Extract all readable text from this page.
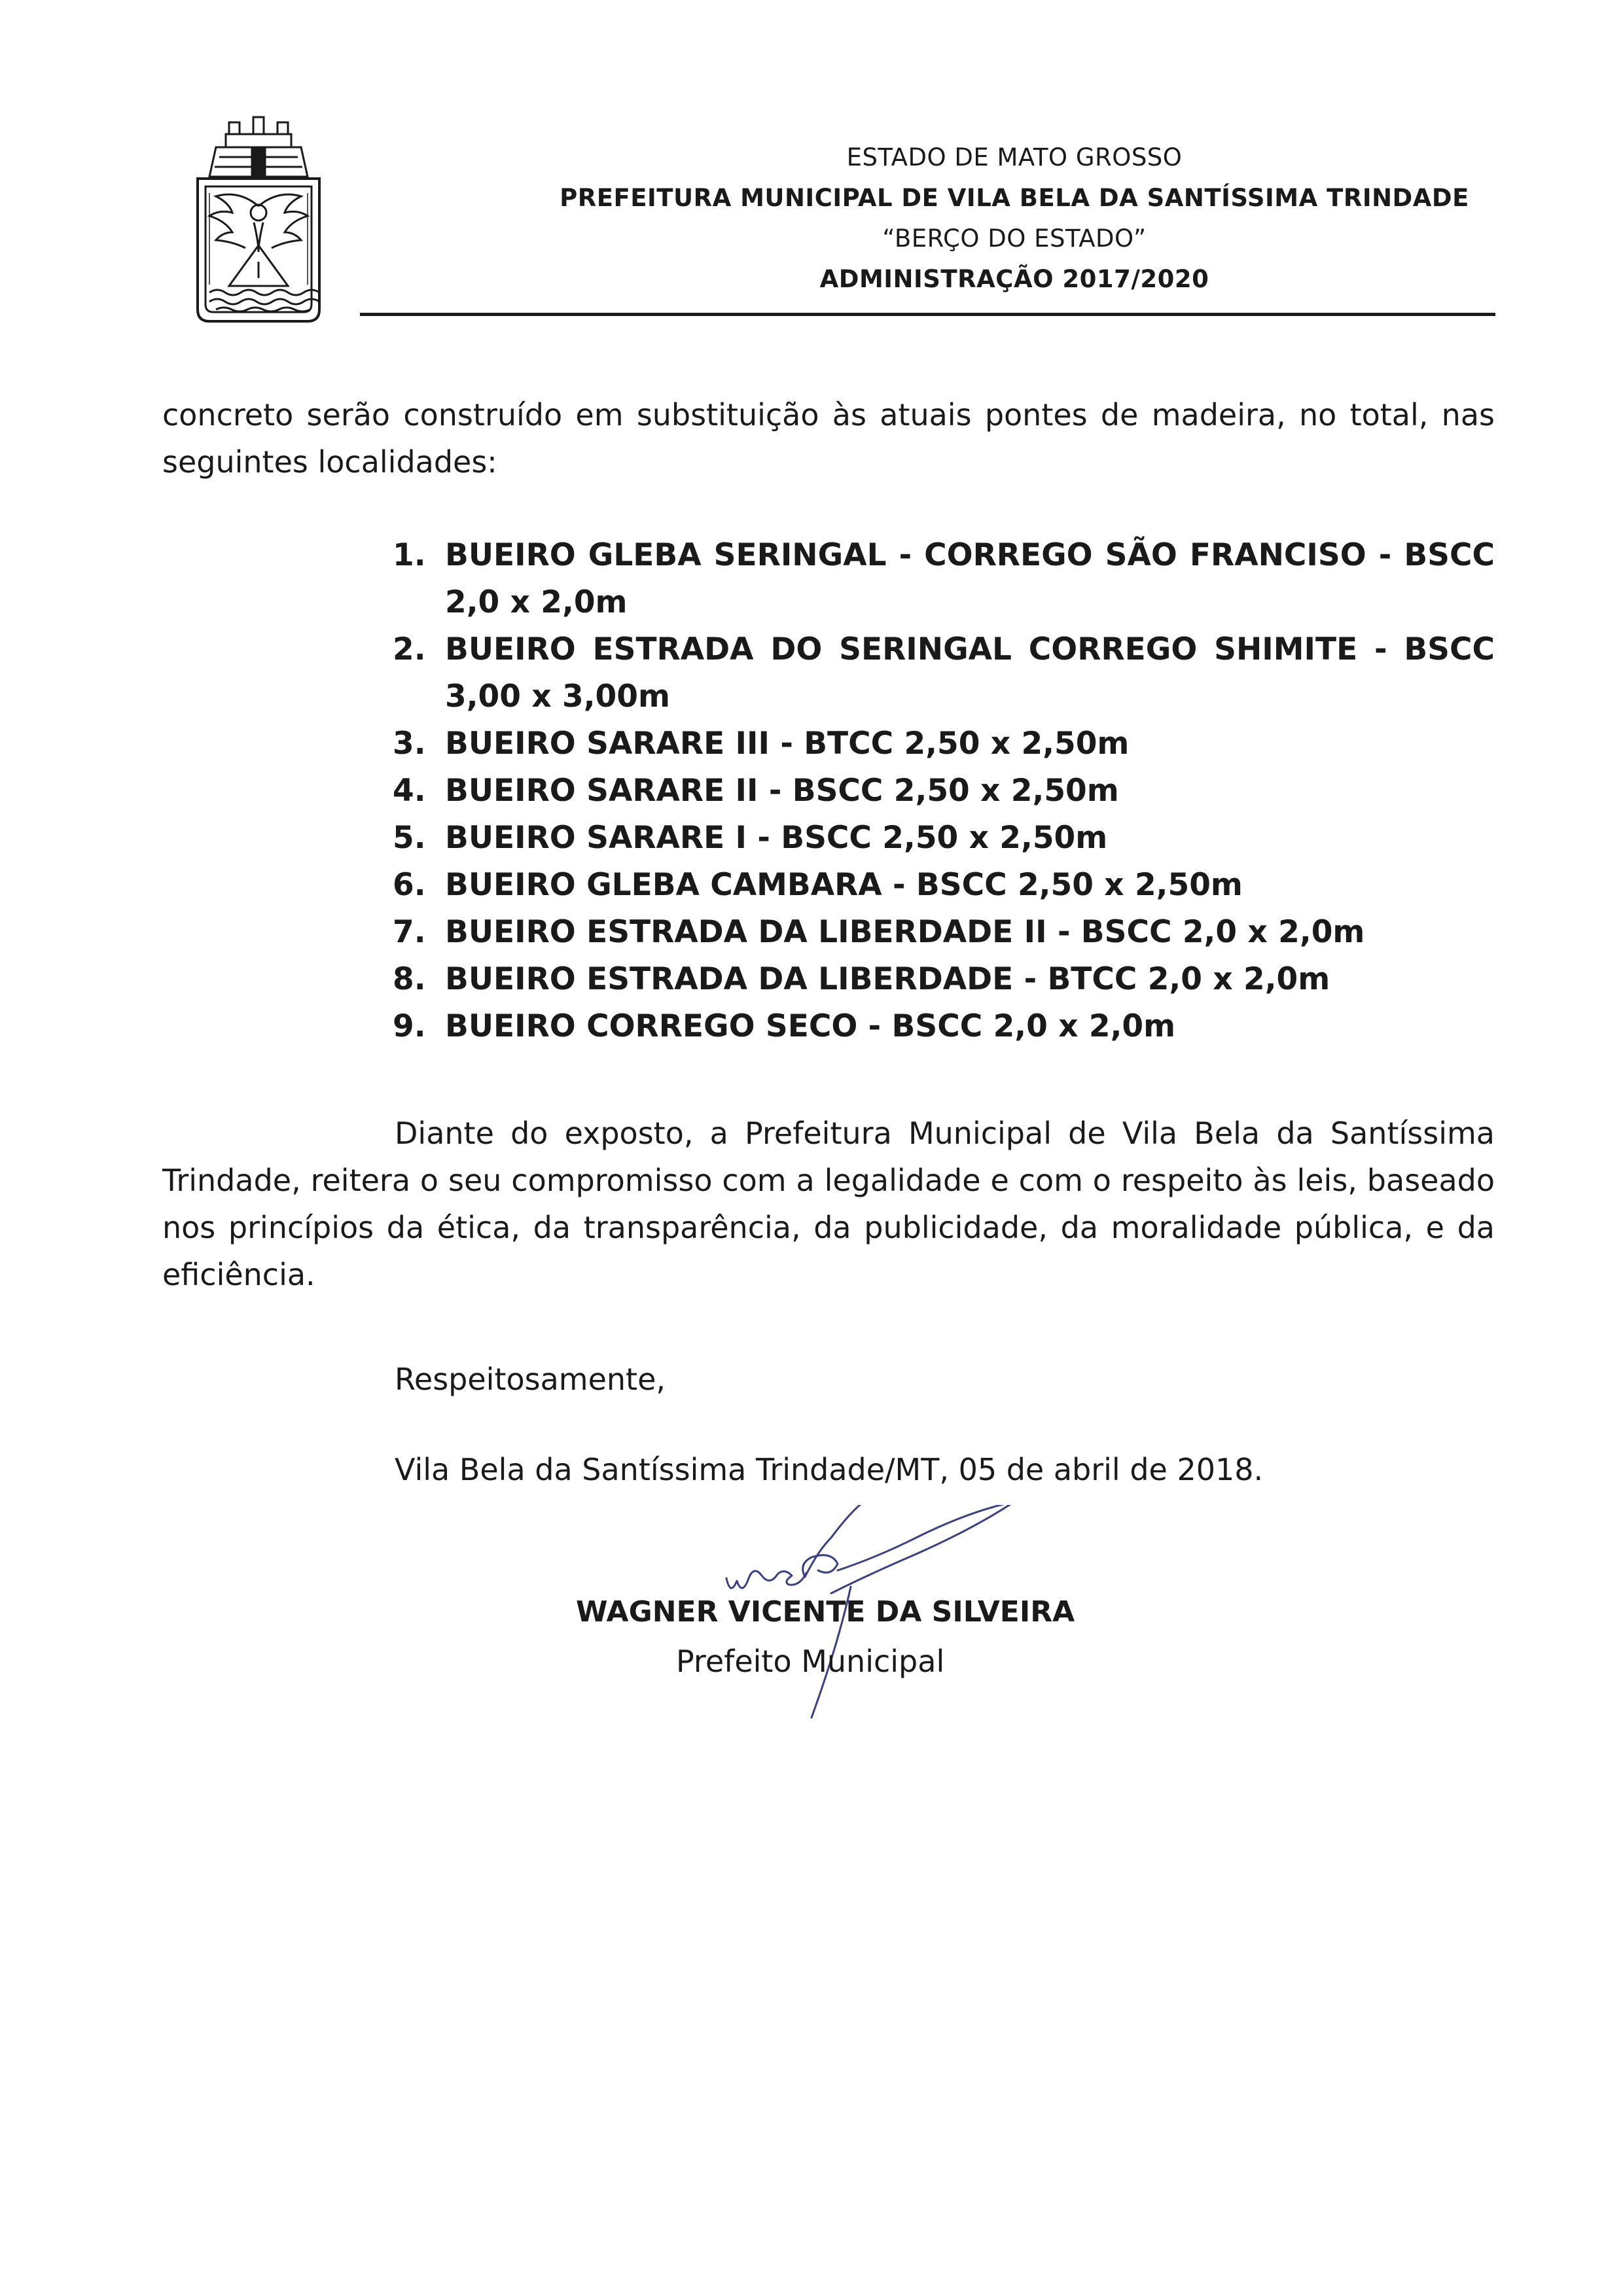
ESTADO DE MATO GROSSO
PREFEITURA MUNICIPAL DE VILA BELA DA SANTÍSSIMA TRINDADE
“BERÇO DO ESTADO”
ADMINISTRAÇÃO 2017/2020

concreto serão construído em substituição às atuais pontes de madeira, no total, nas seguintes localidades:

1. BUEIRO GLEBA SERINGAL - CORREGO SÃO FRANCISO - BSCC 2,0 x 2,0m
2. BUEIRO ESTRADA DO SERINGAL CORREGO SHIMITE - BSCC 3,00 x 3,00m
3. BUEIRO SARARE III - BTCC 2,50 x 2,50m
4. BUEIRO SARARE II - BSCC 2,50 x 2,50m
5. BUEIRO SARARE I - BSCC 2,50 x 2,50m
6. BUEIRO GLEBA CAMBARA - BSCC 2,50 x 2,50m
7. BUEIRO ESTRADA DA LIBERDADE II - BSCC 2,0 x 2,0m
8. BUEIRO ESTRADA DA LIBERDADE - BTCC 2,0 x 2,0m
9. BUEIRO CORREGO SECO - BSCC 2,0 x 2,0m

Diante do exposto, a Prefeitura Municipal de Vila Bela da Santíssima Trindade, reitera o seu compromisso com a legalidade e com o respeito às leis, baseado nos princípios da ética, da transparência, da publicidade, da moralidade pública, e da eficiência.

Respeitosamente,
Vila Bela da Santíssima Trindade/MT, 05 de abril de 2018.
WAGNER VICENTE DA SILVEIRA
Prefeito Municipal
